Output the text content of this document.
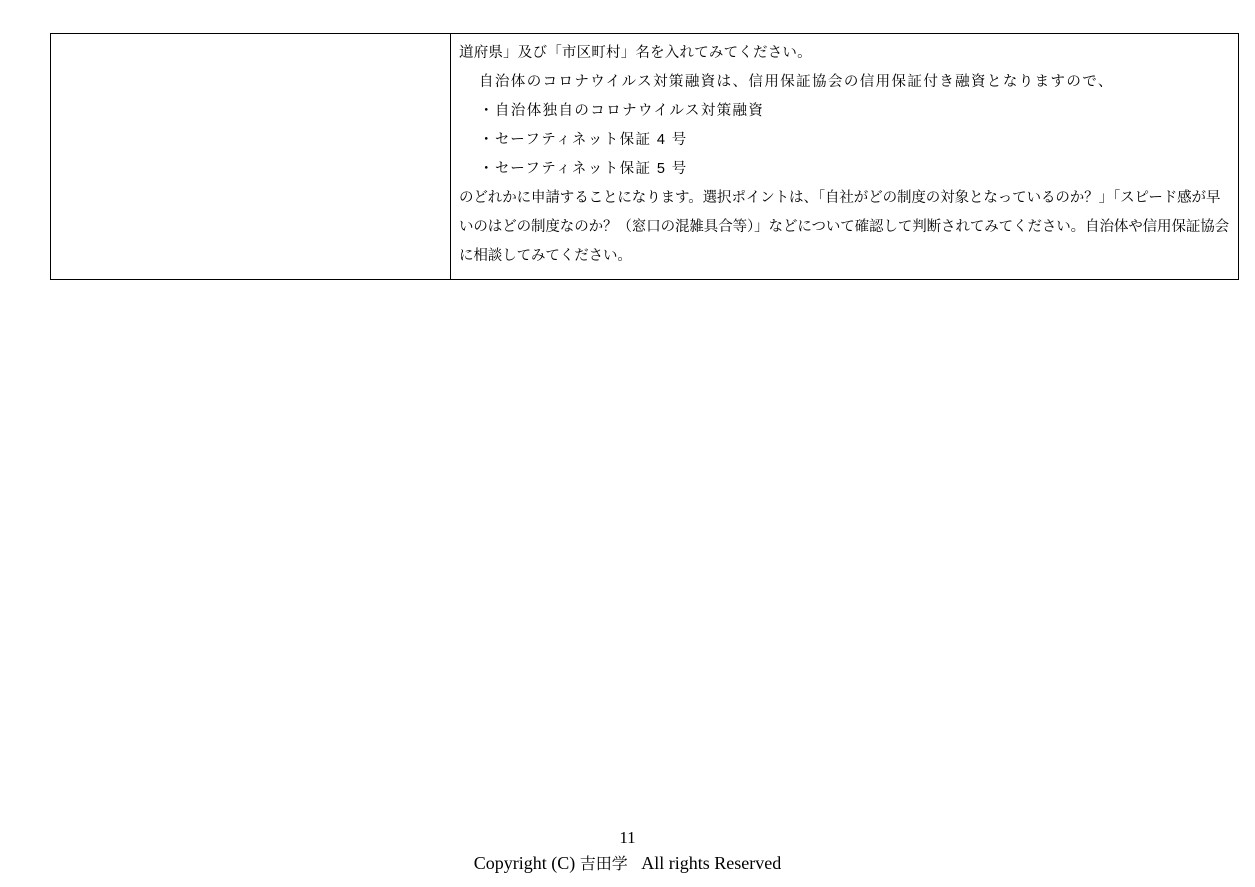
道府県」及び「市区町村」名を入れてみてください。
自治体のコロナウイルス対策融資は、信用保証協会の信用保証付き融資となりますので、
・自治体独自のコロナウイルス対策融資
・セーフティネット保証 4 号
・セーフティネット保証 5 号
のどれかに申請することになります。選択ポイントは、「自社がどの制度の対象となっているのか？」「スピード感が早いのはどの制度なのか？（窓口の混雑具合等）」などについて確認して判断されてみてください。自治体や信用保証協会に相談してみてください。
11
Copyright (C) 吉田学 All rights Reserved
